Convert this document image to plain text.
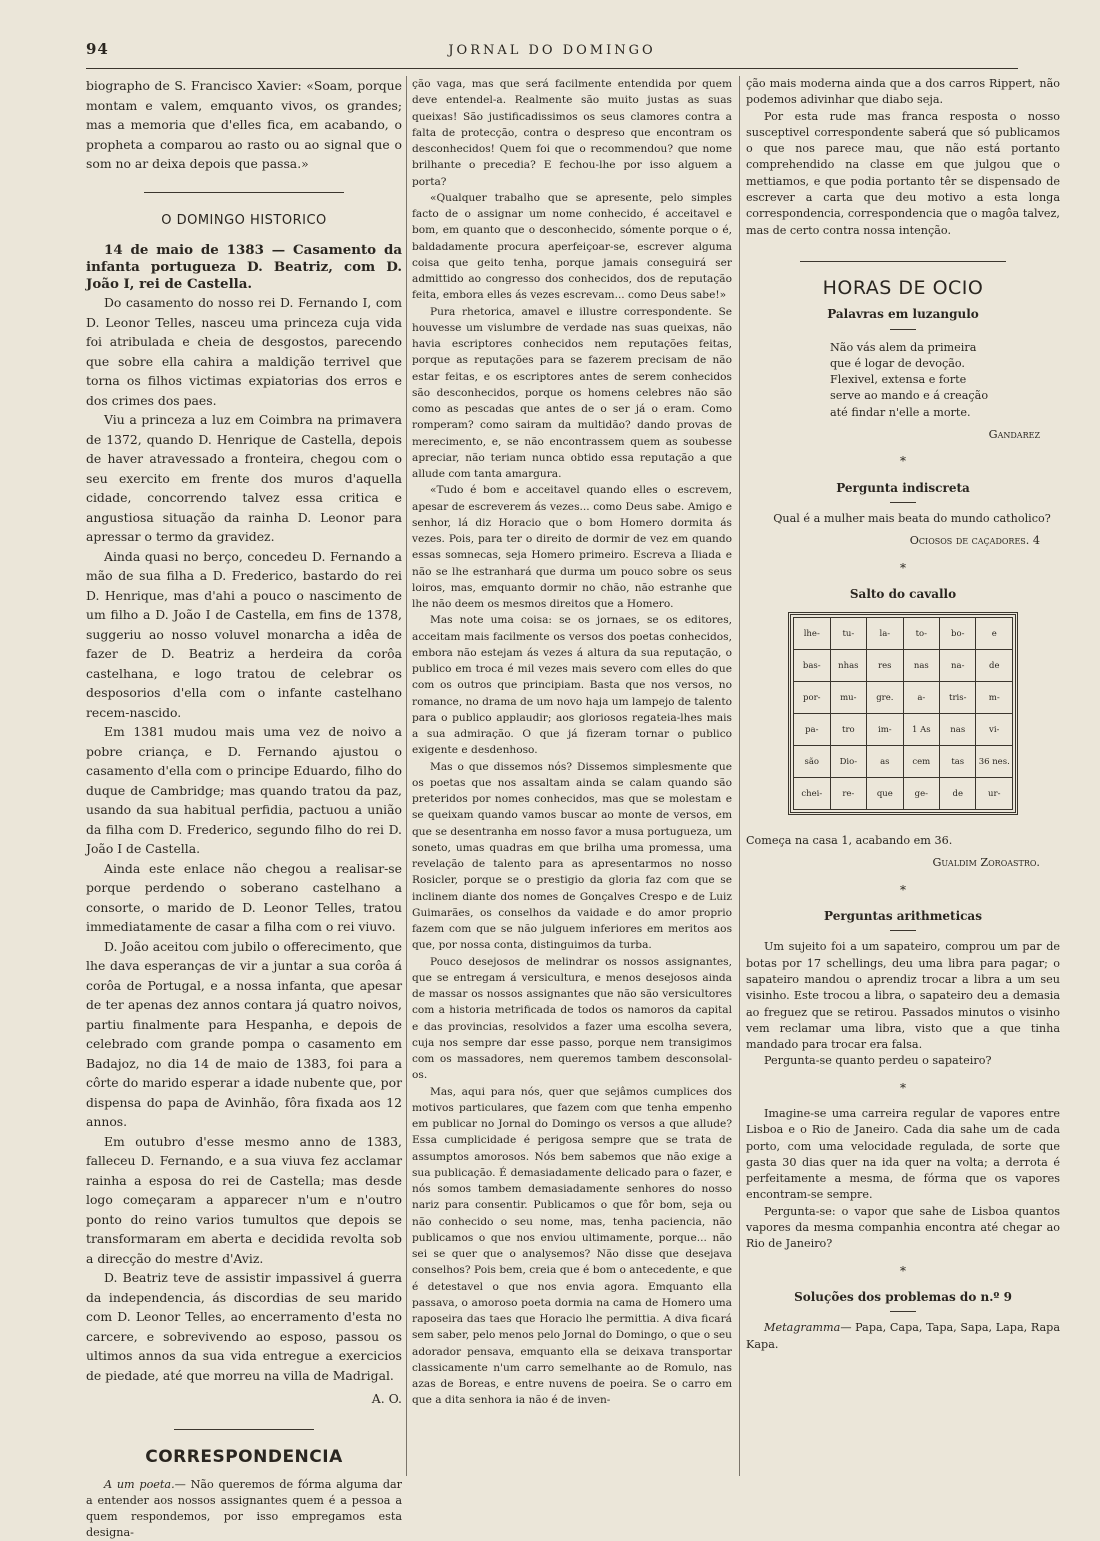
94	JORNAL DO DOMINGO

biographo de S. Francisco Xavier: «Soam, porque montam e valem, emquanto vivos, os grandes; mas a memoria que d'elles fica, em acabando, o propheta a comparou ao rasto ou ao signal que o som no ar deixa depois que passa.»

O DOMINGO HISTORICO

14 de maio de 1383 — Casamento da infanta portugueza D. Beatriz, com D. João I, rei de Castella.

Do casamento do nosso rei D. Fernando I, com D. Leonor Telles, nasceu uma princeza cuja vida foi atribulada e cheia de desgostos, parecendo que sobre ella cahira a maldição terrivel que torna os filhos victimas expiatorias dos erros e dos crimes dos paes.

Viu a princeza a luz em Coimbra na primavera de 1372, quando D. Henrique de Castella, depois de haver atravessado a fronteira, chegou com o seu exercito em frente dos muros d'aquella cidade, concorrendo talvez essa critica e angustiosa situação da rainha D. Leonor para apressar o termo da gravidez.

Ainda quasi no berço, concedeu D. Fernando a mão de sua filha a D. Frederico, bastardo do rei D. Henrique, mas d'ahi a pouco o nascimento de um filho a D. João I de Castella, em fins de 1378, suggeriu ao nosso voluvel monarcha a idêa de fazer de D. Beatriz a herdeira da corôa castelhana, e logo tratou de celebrar os desposorios d'ella com o infante castelhano recem-nascido.

Em 1381 mudou mais uma vez de noivo a pobre criança, e D. Fernando ajustou o casamento d'ella com o principe Eduardo, filho do duque de Cambridge; mas quando tratou da paz, usando da sua habitual perfidia, pactuou a união da filha com D. Frederico, segundo filho do rei D. João I de Castella.

Ainda este enlace não chegou a realisar-se porque perdendo o soberano castelhano a consorte, o marido de D. Leonor Telles, tratou immediatamente de casar a filha com o rei viuvo.

D. João aceitou com jubilo o offerecimento, que lhe dava esperanças de vir a juntar a sua corôa á corôa de Portugal, e a nossa infanta, que apesar de ter apenas dez annos contara já quatro noivos, partiu finalmente para Hespanha, e depois de celebrado com grande pompa o casamento em Badajoz, no dia 14 de maio de 1383, foi para a côrte do marido esperar a idade nubente que, por dispensa do papa de Avinhão, fôra fixada aos 12 annos.

Em outubro d'esse mesmo anno de 1383, falleceu D. Fernando, e a sua viuva fez acclamar rainha a esposa do rei de Castella; mas desde logo começaram a apparecer n'um e n'outro ponto do reino varios tumultos que depois se transformaram em aberta e decidida revolta sob a direcção do mestre d'Aviz.

D. Beatriz teve de assistir impassivel á guerra da independencia, ás discordias de seu marido com D. Leonor Telles, ao encerramento d'esta no carcere, e sobrevivendo ao esposo, passou os ultimos annos da sua vida entregue a exercicios de piedade, até que morreu na villa de Madrigal.

A. O.
CORRESPONDENCIA

A um poeta.— Não queremos de fórma alguma dar a entender aos nossos assignantes quem é a pessoa a quem respondemos, por isso empregamos esta designa-

ção vaga, mas que será facilmente entendida por quem deve entendel-a. Realmente são muito justas as suas queixas! São justificadissimos os seus clamores contra a falta de protecção, contra o despreso que encontram os desconhecidos! Quem foi que o recommendou? que nome brilhante o precedia? E fechou-lhe por isso alguem a porta?

«Qualquer trabalho que se apresente, pelo simples facto de o assignar um nome conhecido, é acceitavel e bom, em quanto que o desconhecido, sómente porque o é, baldadamente procura aperfeiçoar-se, escrever alguma coisa que geito tenha, porque jamais conseguirá ser admittido ao congresso dos conhecidos, dos de reputação feita, embora elles ás vezes escrevam... como Deus sabe!»

Pura rhetorica, amavel e illustre correspondente. Se houvesse um vislumbre de verdade nas suas queixas, não havia escriptores conhecidos nem reputações feitas, porque as reputações para se fazerem precisam de não estar feitas, e os escriptores antes de serem conhecidos são desconhecidos, porque os homens celebres não são como as pescadas que antes de o ser já o eram. Como romperam? como sairam da multidão? dando provas de merecimento, e, se não encontrassem quem as soubesse apreciar, não teriam nunca obtido essa reputação a que allude com tanta amargura.

«Tudo é bom e acceitavel quando elles o escrevem, apesar de escreverem ás vezes... como Deus sabe. Amigo e senhor, lá diz Horacio que o bom Homero dormita ás vezes. Pois, para ter o direito de dormir de vez em quando essas somnecas, seja Homero primeiro. Escreva a Iliada e não se lhe estranhará que durma um pouco sobre os seus loiros, mas, emquanto dormir no chão, não estranhe que lhe não deem os mesmos direitos que a Homero.

Mas note uma coisa: se os jornaes, se os editores, acceitam mais facilmente os versos dos poetas conhecidos, embora não estejam ás vezes á altura da sua reputação, o publico em troca é mil vezes mais severo com elles do que com os outros que principiam. Basta que nos versos, no romance, no drama de um novo haja um lampejo de talento para o publico applaudir; aos gloriosos regateia-lhes mais a sua admiração. O que já fizeram tornar o publico exigente e desdenhoso.

Mas o que dissemos nós? Dissemos simplesmente que os poetas que nos assaltam ainda se calam quando são preteridos por nomes conhecidos, mas que se molestam e se queixam quando vamos buscar ao monte de versos, em que se desentranha em nosso favor a musa portugueza, um soneto, umas quadras em que brilha uma promessa, uma revelação de talento para as apresentarmos no nosso Rosicler, porque se o prestigio da gloria faz com que se inclinem diante dos nomes de Gonçalves Crespo e de Luiz Guimarães, os conselhos da vaidade e do amor proprio fazem com que se não julguem inferiores em meritos aos que, por nossa conta, distinguimos da turba.

Pouco desejosos de melindrar os nossos assignantes, que se entregam á versicultura, e menos desejosos ainda de massar os nossos assignantes que não são versicultores com a historia metrificada de todos os namoros da capital e das provincias, resolvidos a fazer uma escolha severa, cuja nos sempre dar esse passo, porque nem transigimos com os massadores, nem queremos tambem desconsolal-os.

Mas, aqui para nós, quer que sejâmos cumplices dos motivos particulares, que fazem com que tenha empenho em publicar no Jornal do Domingo os versos a que allude? Essa cumplicidade é perigosa sempre que se trata de assumptos amorosos. Nós bem sabemos que não exige a sua publicação. É demasiadamente delicado para o fazer, e nós somos tambem demasiadamente senhores do nosso nariz para consentir. Publicamos o que fôr bom, seja ou não conhecido o seu nome, mas, tenha paciencia, não publicamos o que nos enviou ultimamente, porque... não sei se quer que o analysemos? Não disse que desejava conselhos? Pois bem, creia que é bom o antecedente, e que é detestavel o que nos envia agora. Emquanto ella passava, o amoroso poeta dormia na cama de Homero uma raposeira das taes que Horacio lhe permittia. A diva ficará sem saber, pelo menos pelo Jornal do Domingo, o que o seu adorador pensava, emquanto ella se deixava transportar classicamente n'um carro semelhante ao de Romulo, nas azas de Boreas, e entre nuvens de poeira. Se o carro em que a dita senhora ia não é de inven-

ção mais moderna ainda que a dos carros Rippert, não podemos adivinhar que diabo seja.

Por esta rude mas franca resposta o nosso susceptivel correspondente saberá que só publicamos o que nos parece mau, que não está portanto comprehendido na classe em que julgou que o mettiamos, e que podia portanto têr se dispensado de escrever a carta que deu motivo a esta longa correspondencia, correspondencia que o magôa talvez, mas de certo contra nossa intenção.

HORAS DE OCIO
Palavras em luzangulo
Não vás alem da primeira
que é logar de devoção.
Flexivel, extensa e forte
serve ao mando e á creação
até findar n'elle a morte.
Gandarez
*
Pergunta indiscreta

Qual é a mulher mais beata do mundo catholico?

Ociosos de caçadores. 4
*
Salto do cavallo
lhe-	tu-	la-	to-	bo-	e
bas-	nhas	res	nas	na-	de
por-	mu-	gre.	a-	tris-	m-
pa-	tro	im-	1 As	nas	vi-
são	Dio-	as	cem	tas	36 nes.
chei-	re-	que	ge-	de	ur-

Começa na casa 1, acabando em 36.

Gualdim Zoroastro.
*
Perguntas arithmeticas

Um sujeito foi a um sapateiro, comprou um par de botas por 17 schellings, deu uma libra para pagar; o sapateiro mandou o aprendiz trocar a libra a um seu visinho. Este trocou a libra, o sapateiro deu a demasia ao freguez que se retirou. Passados minutos o visinho vem reclamar uma libra, visto que a que tinha mandado para trocar era falsa.

Pergunta-se quanto perdeu o sapateiro?

*

Imagine-se uma carreira regular de vapores entre Lisboa e o Rio de Janeiro. Cada dia sahe um de cada porto, com uma velocidade regulada, de sorte que gasta 30 dias quer na ida quer na volta; a derrota é perfeitamente a mesma, de fórma que os vapores encontram-se sempre.

Pergunta-se: o vapor que sahe de Lisboa quantos vapores da mesma companhia encontra até chegar ao Rio de Janeiro?

*
Soluções dos problemas do n.º 9

Metagramma— Papa, Capa, Tapa, Sapa, Lapa, Rapa Kapa.
